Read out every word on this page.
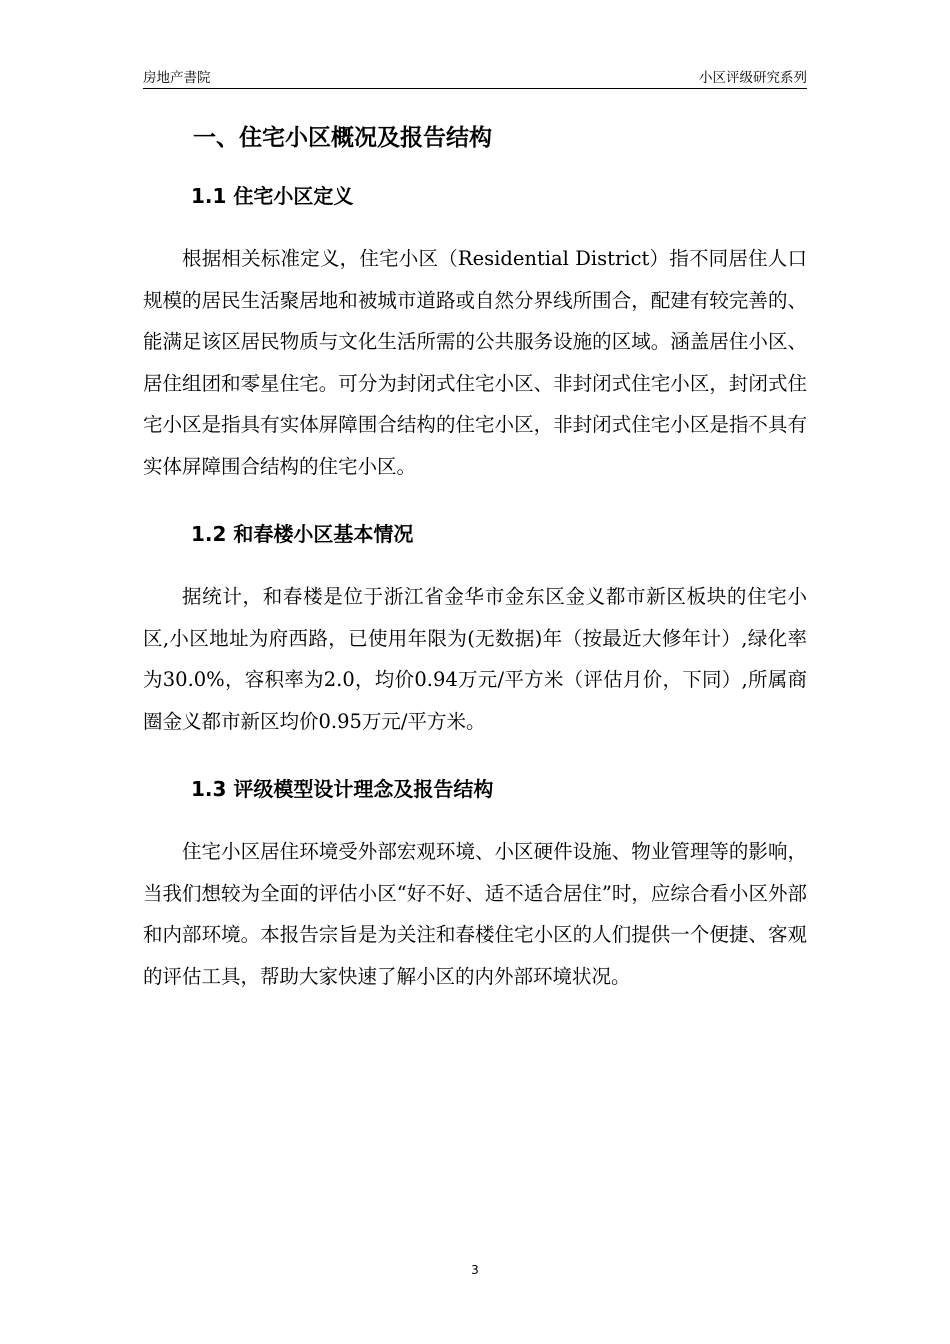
房地产書院	小区评级研究系列
一、住宅小区概况及报告结构
1.1 住宅小区定义

根据相关标准定义，住宅小区（Residential District）指不同居住人口规模的居民生活聚居地和被城市道路或自然分界线所围合，配建有较完善的、能满足该区居民物质与文化生活所需的公共服务设施的区域。涵盖居住小区、居住组团和零星住宅。可分为封闭式住宅小区、非封闭式住宅小区，封闭式住宅小区是指具有实体屏障围合结构的住宅小区，非封闭式住宅小区是指不具有实体屏障围合结构的住宅小区。

1.2 和春楼小区基本情况

据统计，和春楼是位于浙江省金华市金东区金义都市新区板块的住宅小区,小区地址为府西路，已使用年限为(无数据)年（按最近大修年计）,绿化率为30.0%，容积率为2.0，均价0.94万元/平方米（评估月价，下同）,所属商圈金义都市新区均价0.95万元/平方米。

1.3 评级模型设计理念及报告结构

住宅小区居住环境受外部宏观环境、小区硬件设施、物业管理等的影响，当我们想较为全面的评估小区“好不好、适不适合居住”时，应综合看小区外部和内部环境。本报告宗旨是为关注和春楼住宅小区的人们提供一个便捷、客观的评估工具，帮助大家快速了解小区的内外部环境状况。

3
